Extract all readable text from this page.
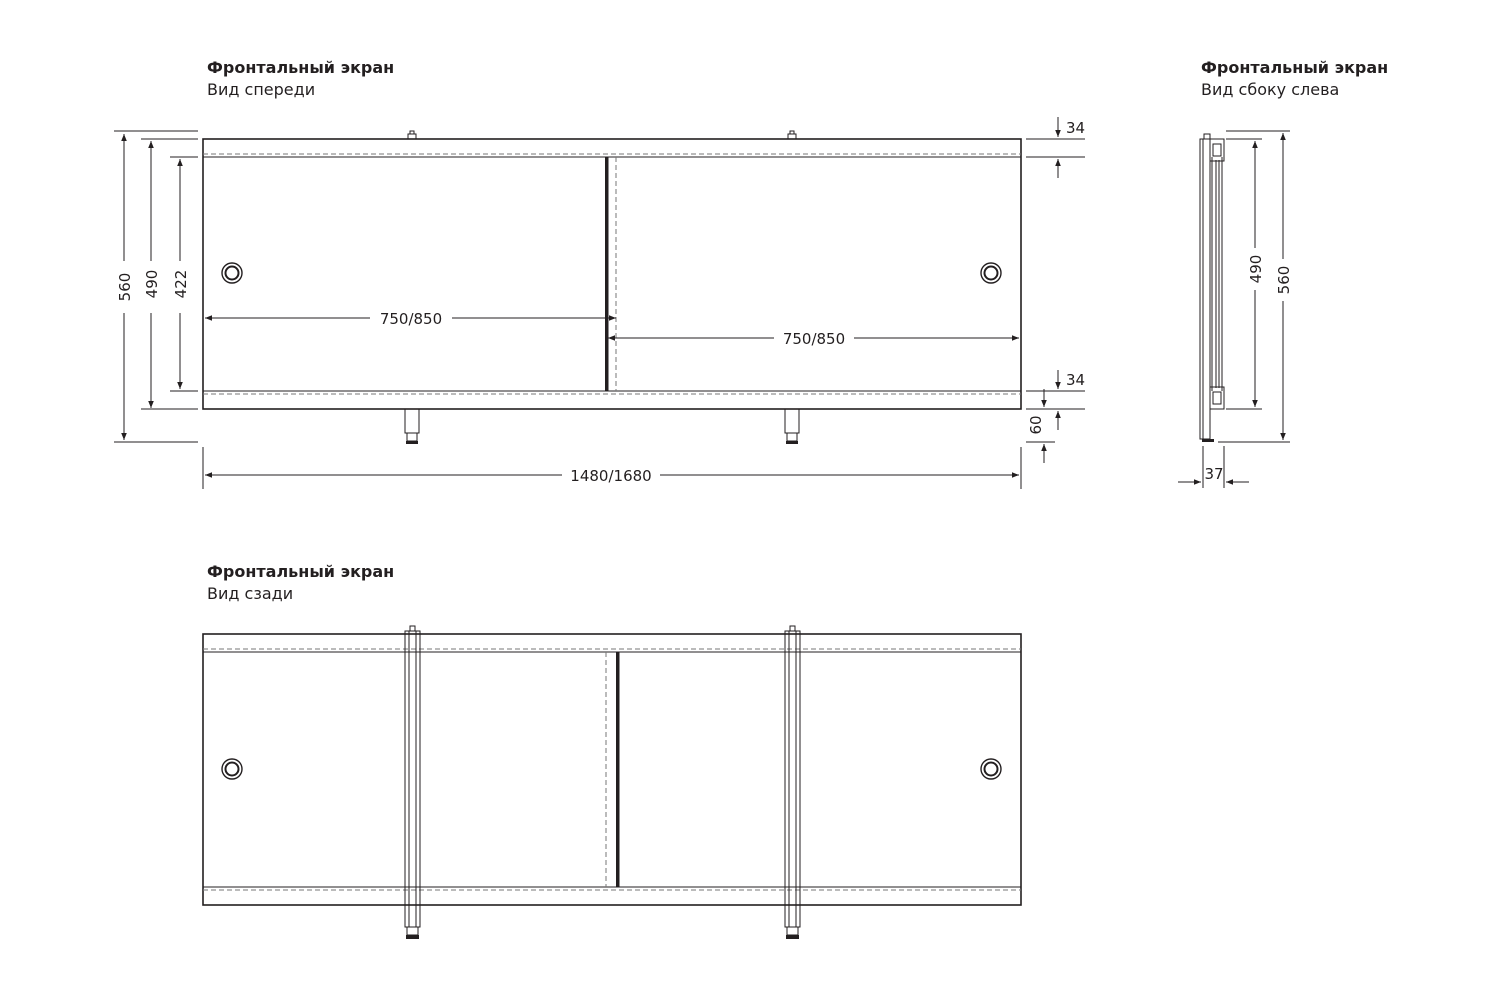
Фронтальный экран
Вид спереди
Фронтальный экран
Вид сбоку слева
Фронтальный экран
Вид сзади
560 490 422
750/850
750/850
1480/1680
34
34
60
490 560
37
